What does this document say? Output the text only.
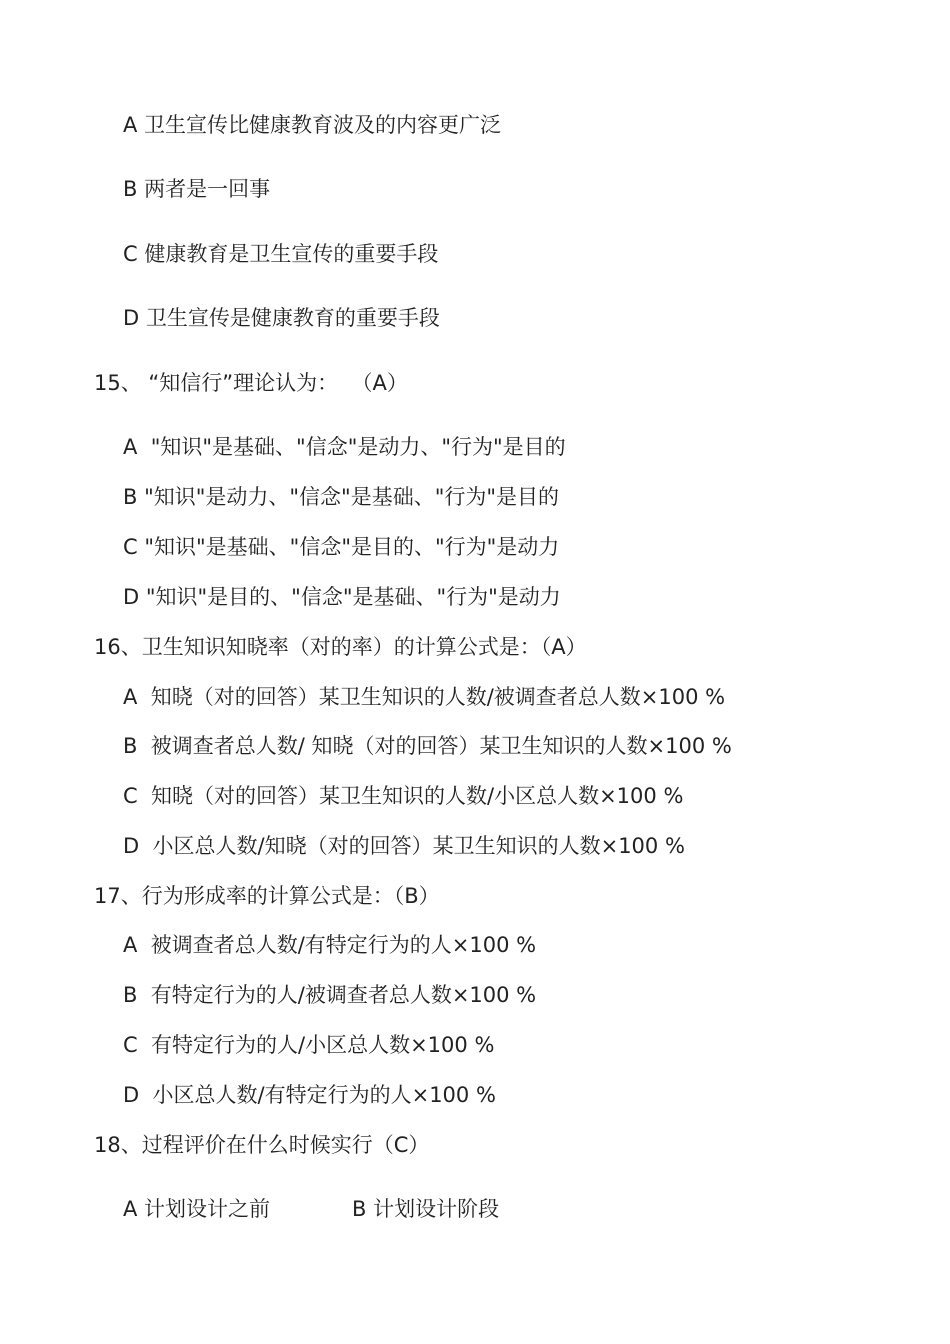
A 卫生宣传比健康教育波及的内容更广泛
B 两者是一回事
C 健康教育是卫生宣传的重要手段
D 卫生宣传是健康教育的重要手段
15、 “知信行”理论认为：  （A）
A  "知识"是基础、"信念"是动力、"行为"是目的
B "知识"是动力、"信念"是基础、"行为"是目的
C "知识"是基础、"信念"是目的、"行为"是动力
D "知识"是目的、"信念"是基础、"行为"是动力
16、卫生知识知晓率（对的率）的计算公式是：（A）
A  知晓（对的回答）某卫生知识的人数/被调查者总人数×100 %
B  被调查者总人数/ 知晓（对的回答）某卫生知识的人数×100 %
C  知晓（对的回答）某卫生知识的人数/小区总人数×100 %
D  小区总人数/知晓（对的回答）某卫生知识的人数×100 %
17、行为形成率的计算公式是：（B）
A  被调查者总人数/有特定行为的人×100 %
B  有特定行为的人/被调查者总人数×100 %
C  有特定行为的人/小区总人数×100 %
D  小区总人数/有特定行为的人×100 %
18、过程评价在什么时候实行（C）
A 计划设计之前	B 计划设计阶段
